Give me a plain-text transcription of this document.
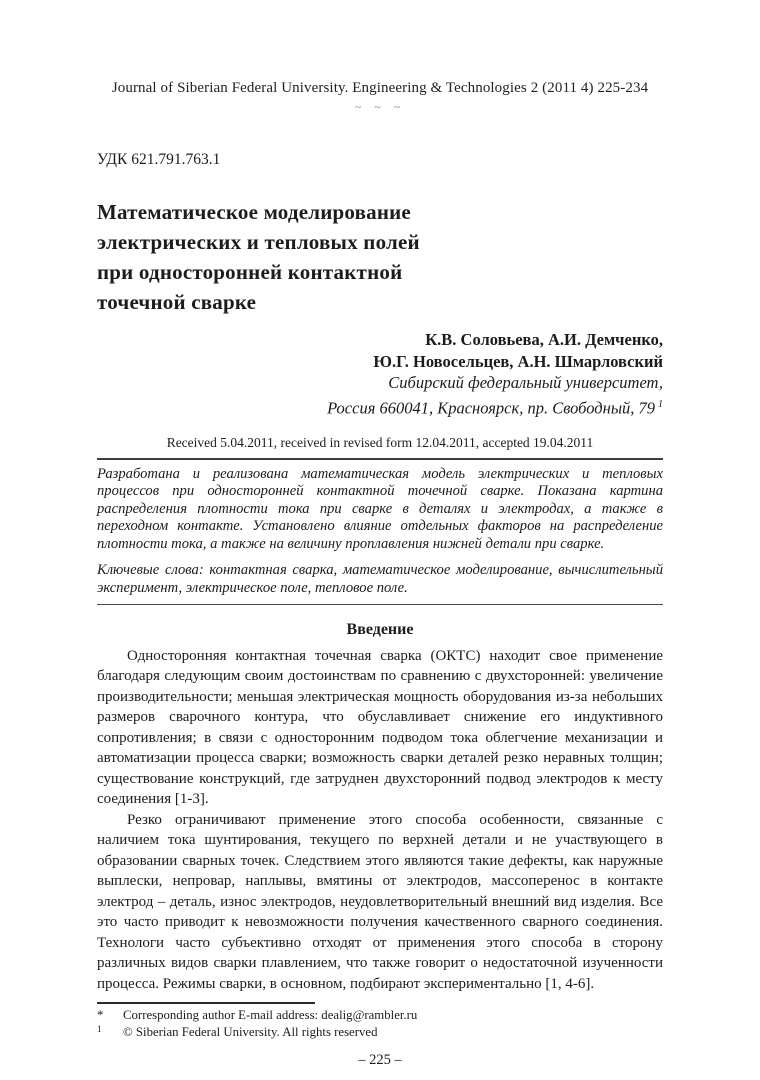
Journal of Siberian Federal University. Engineering & Technologies 2 (2011 4) 225-234
~ ~ ~
УДК 621.791.763.1
Математическое моделирование
электрических и тепловых полей
при односторонней контактной
точечной сварке
К.В. Соловьева, А.И. Демченко,
Ю.Г. Новосельцев, А.Н. Шмарловский
Сибирский федеральный университет,
Россия 660041, Красноярск, пр. Свободный, 79 $^1$
Received 5.04.2011, received in revised form 12.04.2011, accepted 19.04.2011

Разработана и реализована математическая модель электрических и тепловых процессов при односторонней контактной точечной сварке. Показана картина распределения плотности тока при сварке в деталях и электродах, а также в переходном контакте. Установлено влияние отдельных факторов на распределение плотности тока, а также на величину проплавления нижней детали при сварке.

Ключевые слова: контактная сварка, математическое моделирование, вычислительный эксперимент, электрическое поле, тепловое поле.

Введение

Односторонняя контактная точечная сварка (ОКТС) находит свое применение благодаря следующим своим достоинствам по сравнению с двухсторонней: увеличение производительности; меньшая электрическая мощность оборудования из-за небольших размеров сварочного контура, что обуславливает снижение его индуктивного сопротивления; в связи с односторонним подводом тока облегчение механизации и автоматизации процесса сварки; возможность сварки деталей резко неравных толщин; существование конструкций, где затруднен двухсторонний подвод электродов к месту соединения [1-3].

Резко ограничивают применение этого способа особенности, связанные с наличием тока шунтирования, текущего по верхней детали и не участвующего в образовании сварных точек. Следствием этого являются такие дефекты, как наружные выплески, непровар, наплывы, вмятины от электродов, массоперенос в контакте электрод – деталь, износ электродов, неудовлетворительный внешний вид изделия. Все это часто приводит к невозможности получения качественного сварного соединения. Технологи часто субъективно отходят от применения этого способа в сторону различных видов сварки плавлением, что также говорит о недостаточной изученности процесса. Режимы сварки, в основном, подбирают экспериментально [1, 4-6].

*	Corresponding author E-mail address: dealig@rambler.ru
1	© Siberian Federal University. All rights reserved
– 225 –
